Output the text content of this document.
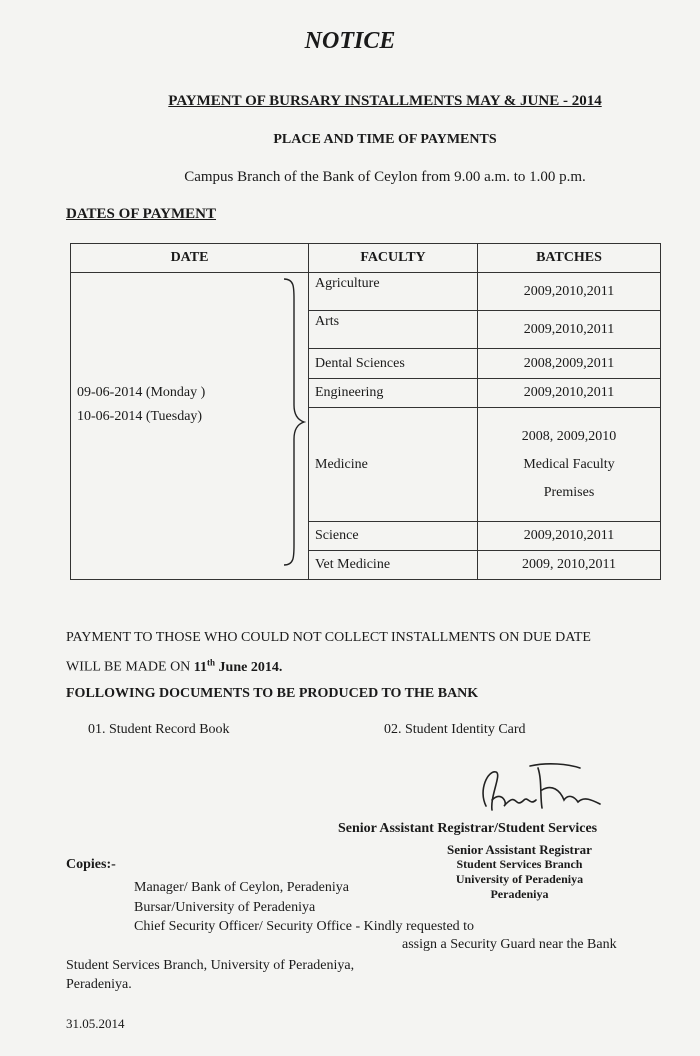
NOTICE
PAYMENT OF BURSARY INSTALLMENTS MAY & JUNE - 2014
PLACE AND TIME OF PAYMENTS
Campus Branch of the Bank of Ceylon from 9.00 a.m. to 1.00 p.m.
DATES OF PAYMENT
DATE	FACULTY	BATCHES

09-06-2014 (Monday )
10-06-2014 (Tuesday)	Agriculture	2009,2010,2011
	Arts	2009,2010,2011
	Dental Sciences	2008,2009,2011
	Engineering	2009,2010,2011
	Medicine	2008, 2009,2010
Medical Faculty
Premises

	Science	2009,2010,2011
	Vet Medicine	2009, 2010,2011
PAYMENT TO THOSE WHO COULD NOT COLLECT INSTALLMENTS ON DUE DATE
WILL BE MADE ON 11th June 2014.
FOLLOWING DOCUMENTS TO BE PRODUCED TO THE BANK
01. Student Record Book	02. Student Identity Card
Senior Assistant Registrar/Student Services
Senior Assistant Registrar
Student Services Branch
University of Peradeniya
Peradeniya
Copies:-
Manager/ Bank of Ceylon, Peradeniya
Bursar/University of Peradeniya
Chief Security Officer/ Security Office - Kindly requested to
assign a Security Guard near the Bank
Student Services Branch, University of Peradeniya,
Peradeniya.
31.05.2014
